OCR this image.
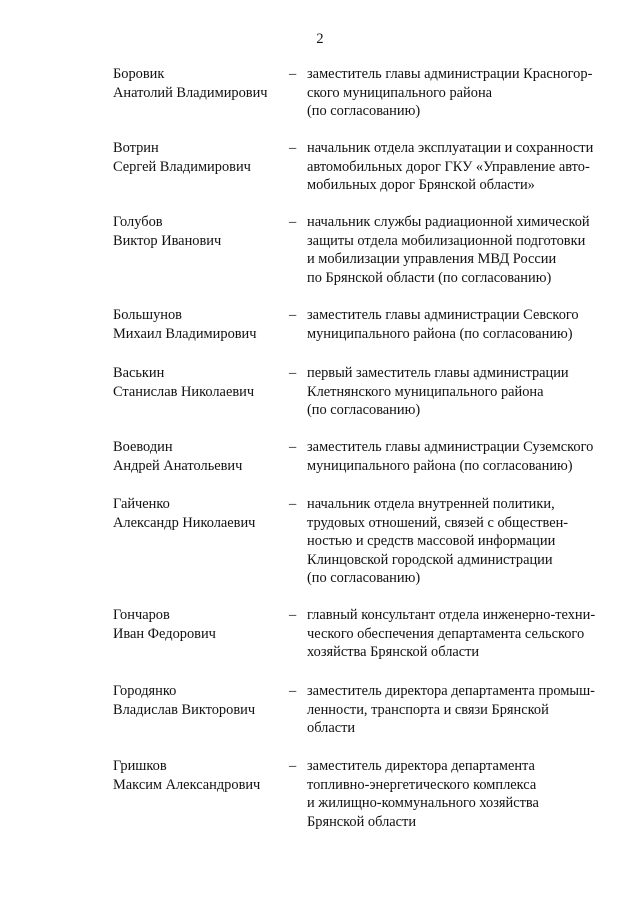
2
Боровик
Анатолий Владимирович
– заместитель главы администрации Красногор-
ского муниципального района
(по согласованию)
Вотрин
Сергей Владимирович
– начальник отдела эксплуатации и сохранности
автомобильных дорог ГКУ «Управление авто-
мобильных дорог Брянской области»
Голубов
Виктор Иванович
– начальник службы радиационной химической
защиты отдела мобилизационной подготовки
и мобилизации управления МВД России
по Брянской области (по согласованию)
Большунов
Михаил Владимирович
– заместитель главы администрации Севского
муниципального района (по согласованию)
Васькин
Станислав Николаевич
– первый заместитель главы администрации
Клетнянского муниципального района
(по согласованию)
Воеводин
Андрей Анатольевич
– заместитель главы администрации Суземского
муниципального района (по согласованию)
Гайченко
Александр Николаевич
– начальник отдела внутренней политики,
трудовых отношений, связей с обществен-
ностью и средств массовой информации
Клинцовской городской администрации
(по согласованию)
Гончаров
Иван Федорович
– главный консультант отдела инженерно-техни-
ческого обеспечения департамента сельского
хозяйства Брянской области
Городянко
Владислав Викторович
– заместитель директора департамента промыш-
ленности, транспорта и связи Брянской
области
Гришков
Максим Александрович
– заместитель директора департамента
топливно-энергетического комплекса
и жилищно-коммунального хозяйства
Брянской области
